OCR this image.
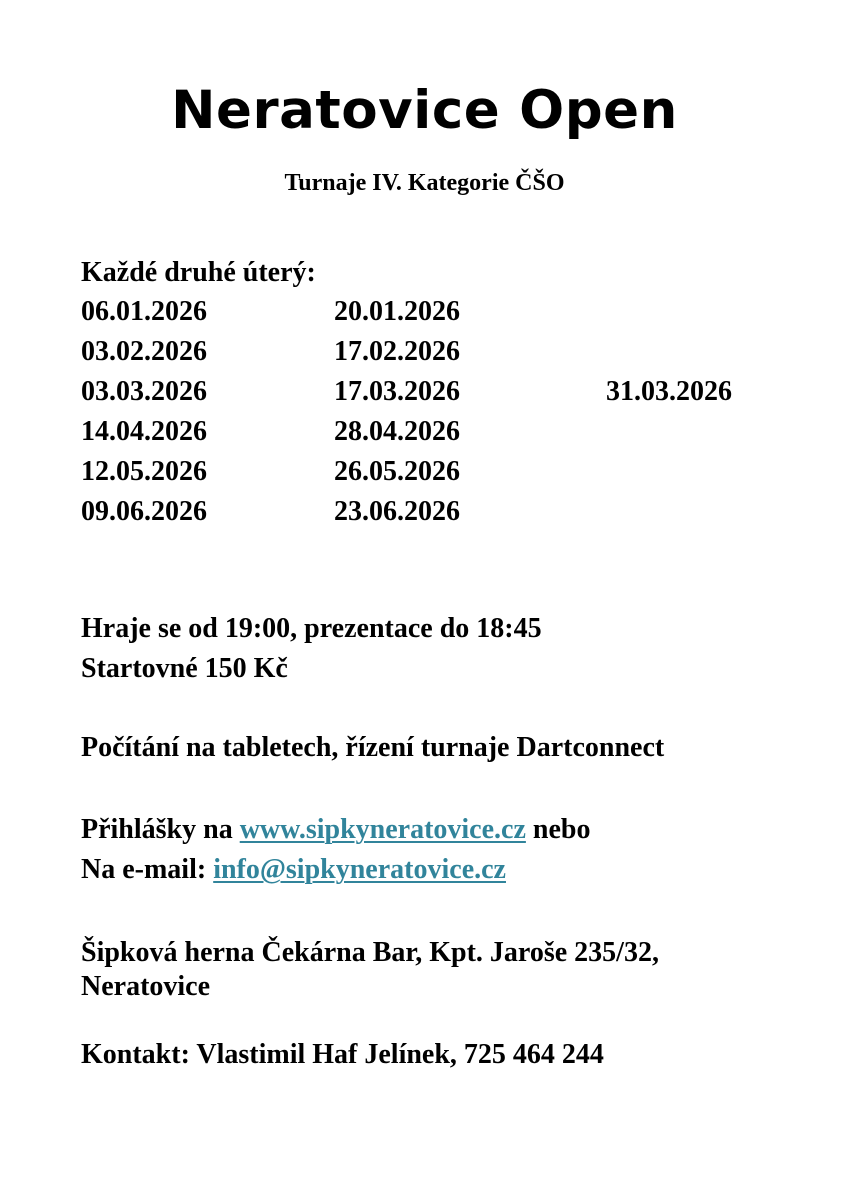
Neratovice Open
Turnaje IV. Kategorie ČŠO
Každé druhé úterý:
06.01.2026	20.01.2026
03.02.2026	17.02.2026
03.03.2026	17.03.2026	31.03.2026
14.04.2026	28.04.2026
12.05.2026	26.05.2026
09.06.2026	23.06.2026
Hraje se od 19:00, prezentace do 18:45
Startovné 150 Kč
Počítání na tabletech, řízení turnaje Dartconnect
Přihlášky na www.sipkyneratovice.cz nebo
Na e-mail: info@sipkyneratovice.cz
Šipková herna Čekárna Bar, Kpt. Jaroše 235/32,
Neratovice
Kontakt: Vlastimil Haf Jelínek, 725 464 244
